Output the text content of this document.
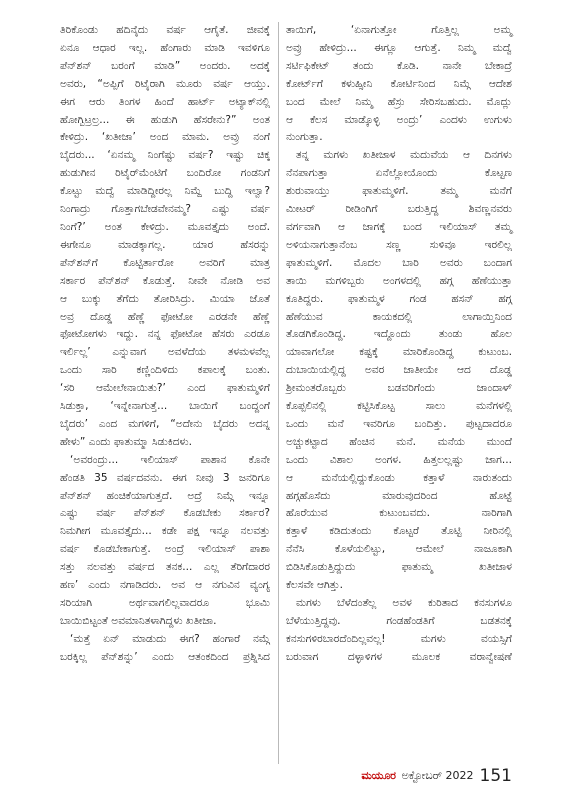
ತಿರಿಕೊಂಡು ಹದಿನೈದು ವರ್ಷ ಆಗೈತೆ. ಜೀವಕ್ಕೆ

ಏನೂ ಆಧಾರ ಇಲ್ಲ. ಹೆಂಗಾರು ಮಾಡಿ ಇವಳಿಗೂ

ಪೆನ್‌ಶನ್ ಬರಂಗೆ ಮಾಡಿ” ಅಂದರು. ಅದಕ್ಕೆ

ಅವರು, “ಅಪ್ಪಿಗೆ ರಿಟೈರಾಗಿ ಮೂರು ವರ್ಷ ಆಯ್ತು.

ಈಗ ಆರು ತಿಂಗಳ ಹಿಂದೆ ಹಾರ್ಟ್ ಅಟ್ಯಾಕ್‌ನಲ್ಲಿ

ಹೋಗ್ಬಿಟ್ರಲ್ರ... ಈ ಹುಡುಗಿ ಹೆಸರೇನು?” ಅಂತ

ಕೇಳಿದ್ರು. ‘ಖತೀಜಾ’ ಅಂದ ಮಾಮ. ಅವ್ರು ನಂಗೆ

ಬೈದರು... ‘ಏನಮ್ಮ ನಿಂಗೆಷ್ಟು ವರ್ಷ? ಇಷ್ಟು ಚಿಕ್ಕ

ಹುಡುಗೀನ ರಿಟೈರ್‌ಮೆಂಟಿಗೆ ಬಂದಿರೋ ಗಂಡನಿಗೆ

ಕೊಟ್ಟು ಮದ್ವೆ ಮಾಡಿದ್ದೀರಲ್ಲ ನಿಮ್ದೆ ಬುದ್ದಿ ಇಲ್ವಾ?

ನಿಂಗಾದ್ರು ಗೊತ್ತಾಗಬೇಡವೇನಮ್ಮ? ಎಷ್ಟು ವರ್ಷ

ನಿಂಗೆ?’ ಅಂತ ಕೇಳಿದ್ರು. ಮೂವತ್ತೈದು ಅಂದೆ.

ಈಗೇನೂ ಮಾಡಕ್ಕಾಗಲ್ಲ. ಯಾರ ಹೆಸರನ್ನು

ಪೆನ್‌ಶನ್‌ಗೆ ಕೊಟ್ಟಿರ್ತಾರೋ ಅವರಿಗೆ ಮಾತ್ರ

ಸರ್ಕಾರ ಪೆನ್‌ಶನ್ ಕೊಡುತ್ತೆ. ನೀವೇ ನೋಡಿ ಅವ

ಆ ಬುಕ್ಕು ತೆಗೆದು ತೋರಿಸಿದ್ರು. ಮಿಯಾ ಜೊತೆ

ಅವ್ರ ದೊಡ್ಡ ಹೆಣ್ಣೆ ಫೋಟೋ ಎರಡನೇ ಹೆಣ್ಣೆ

ಫೋಟೋಗಳು ಇದ್ದು. ನನ್ನ ಫೋಟೋ ಹೆಸರು ಎರಡೂ

ಇರ್ಲಿಲ್ಲ’ ಎನ್ನುವಾಗ ಅವಳೆದೆಯ ತಳಮಳವೆಲ್ಲ

ಒಂದು ಸಾರಿ ಕಣ್ಣಿಂದಿಳಿದು ಕಪಾಲಕ್ಕೆ ಬಂತು.

‘ಸರಿ ಆಮೇಲೇನಾಯಿತು?’ ಎಂದ ಫಾತುಮ್ಮಳಿಗೆ

ಸಿಡುಕ್ತಾ, ‘ಇನ್ನೇನಾಗುತ್ತೆ... ಬಾಯಿಗೆ ಬಂದ್ದಂಗೆ

ಬೈದರು’ ಎಂದ ಮಗಳಿಗೆ, “ಅದೇನು ಬೈದರು ಅದನ್ನ

ಹೇಳು” ಎಂದು ಫಾತುಮ್ಮಾ ಸಿಡುಕಿದಳು.

‘ಅವರಂದ್ರು... ಇಲಿಯಾಸ್ ಪಾಶಾನ ಕೊನೇ

ಹೆಂಡತಿ 35 ವರ್ಷದವನು. ಈಗ ನೀವು 3 ಜನರಿಗೂ

ಪೆನ್‌ಶನ್ ಹಂಚಿಕೆಯಾಗುತ್ತದೆ. ಅದ್ರೆ ನಿಮ್ಗೆ ಇನ್ನೂ

ಎಷ್ಟು ವರ್ಷ ಪೆನ್‌ಶನ್ ಕೊಡಬೇಕು ಸರ್ಕಾರ?

ನಿಮಗೀಗ ಮೂವತ್ತೈದು... ಕಡೇ ಪಕ್ಷ ಇನ್ನೂ ನಲವತ್ತು

ವರ್ಷ ಕೊಡಬೇಕಾಗುತ್ತೆ. ಅಂದ್ರೆ ಇಲಿಯಾಸ್ ಪಾಶಾ

ಸತ್ತು ನಲವತ್ತು ವರ್ಷದ ತನಕ... ಎಲ್ಲ ತೆರಿಗೆದಾರರ

ಹಣ’ ಎಂದು ನಗಾಡಿದರು. ಅವ ಆ ನಗುವಿನ ವ್ಯಂಗ್ಯ

ಸರಿಯಾಗಿ ಅರ್ಥವಾಗಲಿಲ್ಲವಾದರೂ ಭೂಮಿ

ಬಾಯಿಬಿಟ್ಟಂತೆ ಅವಮಾನಿತಳಾಗಿದ್ದಳು ಖತೀಜಾ.

‘ಮತ್ತೆ ಏನ್ ಮಾಡುದು ಈಗ? ಹಂಗಾರೆ ನಮ್ಗೆ

ಬರಕ್ಕಿಲ್ಲ ಪೆನ್‌ಶನ್ನು’ ಎಂದು ಆತಂಕದಿಂದ ಪ್ರಶ್ನಿಸಿದ

ತಾಯಿಗೆ, ‘ಏನಾಗುತ್ತೋ ಗೊತ್ತಿಲ್ಲ ಅಮ್ಮ

ಅವ್ರು ಹೇಳಿದ್ರು... ಈಗ್ಲೂ ಆಗುತ್ತೆ. ನಿಮ್ಮ ಮದ್ವೆ

ಸರ್ಟಿಫಿಕೇಟ್ ತಂದು ಕೊಡಿ. ನಾನೇ ಬೇಕಾದ್ರೆ

ಕೋರ್ಟ್‌ಗೆ ಕಳುಹ್ಸೀನಿ ಕೋರ್ಟಿನಿಂದ ನಿಮ್ಗೆ ಆದೇಶ

ಬಂದ ಮೇಲೆ ನಿಮ್ಮ ಹೆಸ್ರು ಸೇರಿಸಬಹುದು. ಮೊದ್ಲು

ಆ ಕೆಲಸ ಮಾಡ್ಕೊಳ್ಳಿ ಅಂದ್ರು’ ಎಂದಳು ಉಗುಳು

ನುಂಗುತ್ತಾ.

ತನ್ನ ಮಗಳು ಖತೀಜಾಳ ಮದುವೆಯ ಆ ದಿನಗಳು

ನೆನಪಾಗುತ್ತಾ ಏನೆಲ್ಲೋಯೊಂದು ಕೊಟ್ಟಣ

ಶುರುವಾಯ್ತು ಫಾತುಮ್ಮಳಿಗೆ. ತಮ್ಮ ಮನೆಗೆ

ಮೀಟರ್ ರೀಡಿಂಗಿಗೆ ಬರುತ್ತಿದ್ದ ಶಿವಣ್ಣನವರು

ವರ್ಗವಾಗಿ ಆ ಜಾಗಕ್ಕೆ ಬಂದ ಇಲಿಯಾಸ್ ತಮ್ಮ

ಅಳಿಯನಾಗುತ್ತಾನೆಂಬ ಸಣ್ಣ ಸುಳಿವೂ ಇರಲಿಲ್ಲ

ಫಾತುಮ್ಮಳಿಗೆ. ಮೊದಲ ಬಾರಿ ಅವರು ಬಂದಾಗ

ತಾಯಿ ಮಗಳಿಬ್ಬರು ಅಂಗಳದಲ್ಲಿ ಹಗ್ಗ ಹೆಣೆಯುತ್ತಾ

ಕೂತಿದ್ದರು. ಫಾತುಮ್ಮಳ ಗಂಡ ಹಸನ್ ಹಗ್ಗ

ಹೆಣೆಯುವ ಕಾಯಕದಲ್ಲಿ ಲಾಗಾಯ್ತಿನಿಂದ

ತೊಡಗಿಕೊಂಡಿದ್ದ. ಇದ್ದೊಂದು ತುಂಡು ಹೊಲ

ಯಾವಾಗಲೋ ಕಷ್ಟಕ್ಕೆ ಮಾರಿಕೊಂಡಿದ್ದ ಕುಟುಂಬ.

ದುಬಾಯಿಯಲ್ಲಿದ್ದ ಅವರ ಜಾತೀಯೇ ಆದ ದೊಡ್ಡ

ಶ್ರೀಮಂತರೊಬ್ಬರು ಬಡವರಿಗೆಂದು ಜಾಂದಾಳ್

ಕೊಪ್ಪಲಿನಲ್ಲಿ ಕಟ್ಟಿಸಿಕೊಟ್ಟ ಸಾಲು ಮನೆಗಳಲ್ಲಿ

ಒಂದು ಮನೆ ಇವರಿಗೂ ಬಂದಿತ್ತು. ಪುಟ್ಟದಾದರೂ

ಅಚ್ಚುಕಟ್ಟಾದ ಹೆಂಚಿನ ಮನೆ. ಮನೆಯ ಮುಂದೆ

ಒಂದು ವಿಶಾಲ ಅಂಗಳ. ಹಿತ್ತಲಲ್ಲಷ್ಟು ಜಾಗ...

ಆ ಮನೆಯಲ್ಲಿದ್ದುಕೊಂಡು ಕತ್ತಾಳೆ ನಾರುತಂದು

ಹಗ್ಗಹೊಸೆದು ಮಾರುವುದರಿಂದ ಹೊಟ್ಟೆ

ಹೊರೆಯುವ ಕುಟುಂಬವದು. ನಾರಿಗಾಗಿ

ಕತ್ತಾಳೆ ಕಡಿದುತಂದು ಕೊಟ್ಟರೆ ತೊಟ್ಟಿ ನೀರಿನಲ್ಲಿ

ನೆನೆಸಿ ಕೊಳೆಯಲಿಟ್ಟು, ಆಮೇಲೆ ನಾಜೂಕಾಗಿ

ಬಿಡಿಸಿಕೊಡುತ್ತಿದ್ದುದು ಫಾತುಮ್ಮ ಖತೀಜಾಳ

ಕೆಲಸವೇ ಆಗಿತ್ತು.

ಮಗಳು ಬೆಳೆದಂತೆಲ್ಲ ಅವಳ ಕುರಿತಾದ ಕನಸುಗಳೂ

ಬೆಳೆಯುತ್ತಿದ್ದವು. ಗಂಡಹೆಂಡತಿಗೆ ಬಡತನಕ್ಕೆ

ಕನಸುಗಳಿರಬಾರದೆಂದಿಲ್ಲವಲ್ಲ! ಮಗಳು ವಯಸ್ಸಿಗೆ

ಬರುವಾಗ ದಳ್ಳಾಳಿಗಳ ಮೂಲಕ ವರಾನ್ವೇಷಣೆ

ಮಯೂರ ಅಕ್ಟೋಬರ್ 2022 151
